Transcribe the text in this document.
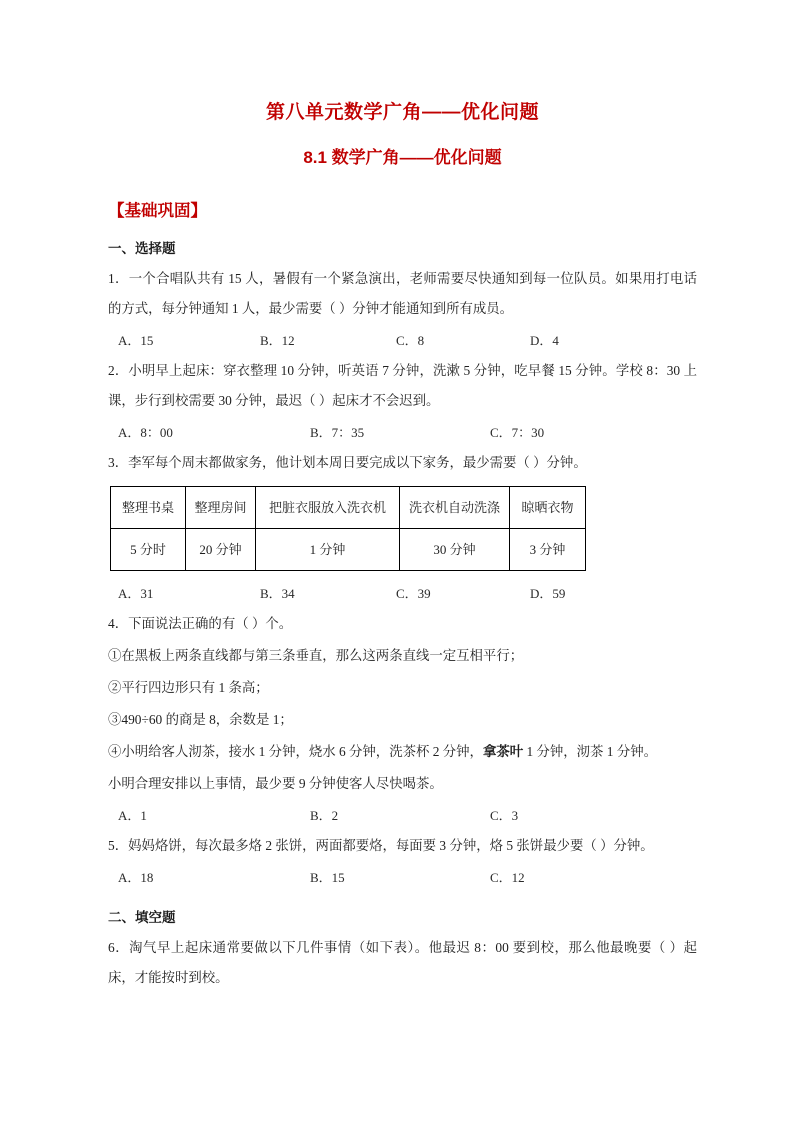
第八单元数学广角——优化问题
8.1 数学广角——优化问题
【基础巩固】
一、选择题

1．一个合唱队共有 15 人，暑假有一个紧急演出，老师需要尽快通知到每一位队员。如果用打电话的方式，每分钟通知 1 人，最少需要（ ）分钟才能通知到所有成员。

A．15	B．12	C．8	D．4

2．小明早上起床：穿衣整理 10 分钟，听英语 7 分钟，洗漱 5 分钟，吃早餐 15 分钟。学校 8：30 上课，步行到校需要 30 分钟，最迟（ ）起床才不会迟到。

A．8：00	B．7：35	C．7：30

3．李军每个周末都做家务，他计划本周日要完成以下家务，最少需要（ ）分钟。

整理书桌	整理房间	把脏衣服放入洗衣机	洗衣机自动洗涤	晾晒衣物
5 分时	20 分钟	1 分钟	30 分钟	3 分钟
A．31	B．34	C．39	D．59

4．下面说法正确的有（ ）个。

①在黑板上两条直线都与第三条垂直，那么这两条直线一定互相平行；

②平行四边形只有 1 条高；

③490÷60 的商是 8，余数是 1；

④小明给客人沏茶，接水 1 分钟，烧水 6 分钟，洗茶杯 2 分钟，拿茶叶 1 分钟，沏茶 1 分钟。

小明合理安排以上事情，最少要 9 分钟使客人尽快喝茶。

A．1	B．2	C．3

5．妈妈烙饼，每次最多烙 2 张饼，两面都要烙，每面要 3 分钟，烙 5 张饼最少要（ ）分钟。

A．18	B．15	C．12
二、填空题

6．淘气早上起床通常要做以下几件事情（如下表）。他最迟 8：00 要到校，那么他最晚要（ ）起床，才能按时到校。
